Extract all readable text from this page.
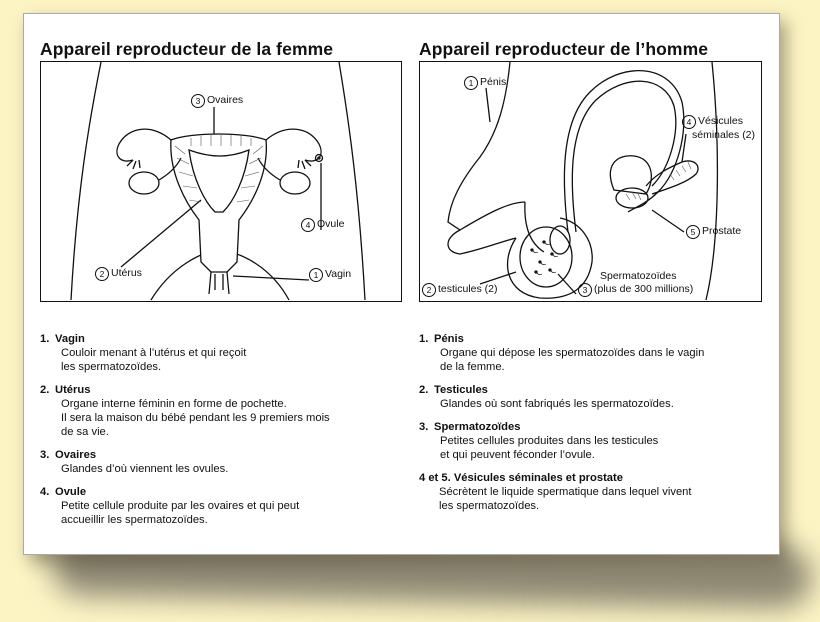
Appareil reproducteur de la femme
3 Ovaires
4 Ovule
2 Utérus	1 Vagin
1. Vagin
Couloir menant à l’utérus et qui reçoit
les spermatozoïdes.
2. Utérus
Organe interne féminin en forme de pochette.
Il sera la maison du bébé pendant les 9 premiers mois
de sa vie.
3. Ovaires
Glandes d’où viennent les ovules.
4. Ovule
Petite cellule produite par les ovaires et qui peut
accueillir les spermatozoïdes.
Appareil reproducteur de l’homme
1 Pénis
4 Vésicules
séminales (2)
5 Prostate
2 testicules (2)
Spermatozoïdes
3 (plus de 300 millions)
1. Pénis
Organe qui dépose les spermatozoïdes dans le vagin
de la femme.
2. Testicules
Glandes où sont fabriqués les spermatozoïdes.
3. Spermatozoïdes
Petites cellules produites dans les testicules
et qui peuvent féconder l’ovule.
4 et 5. Vésicules séminales et prostate
Sécrètent le liquide spermatique dans lequel vivent
les spermatozoïdes.
